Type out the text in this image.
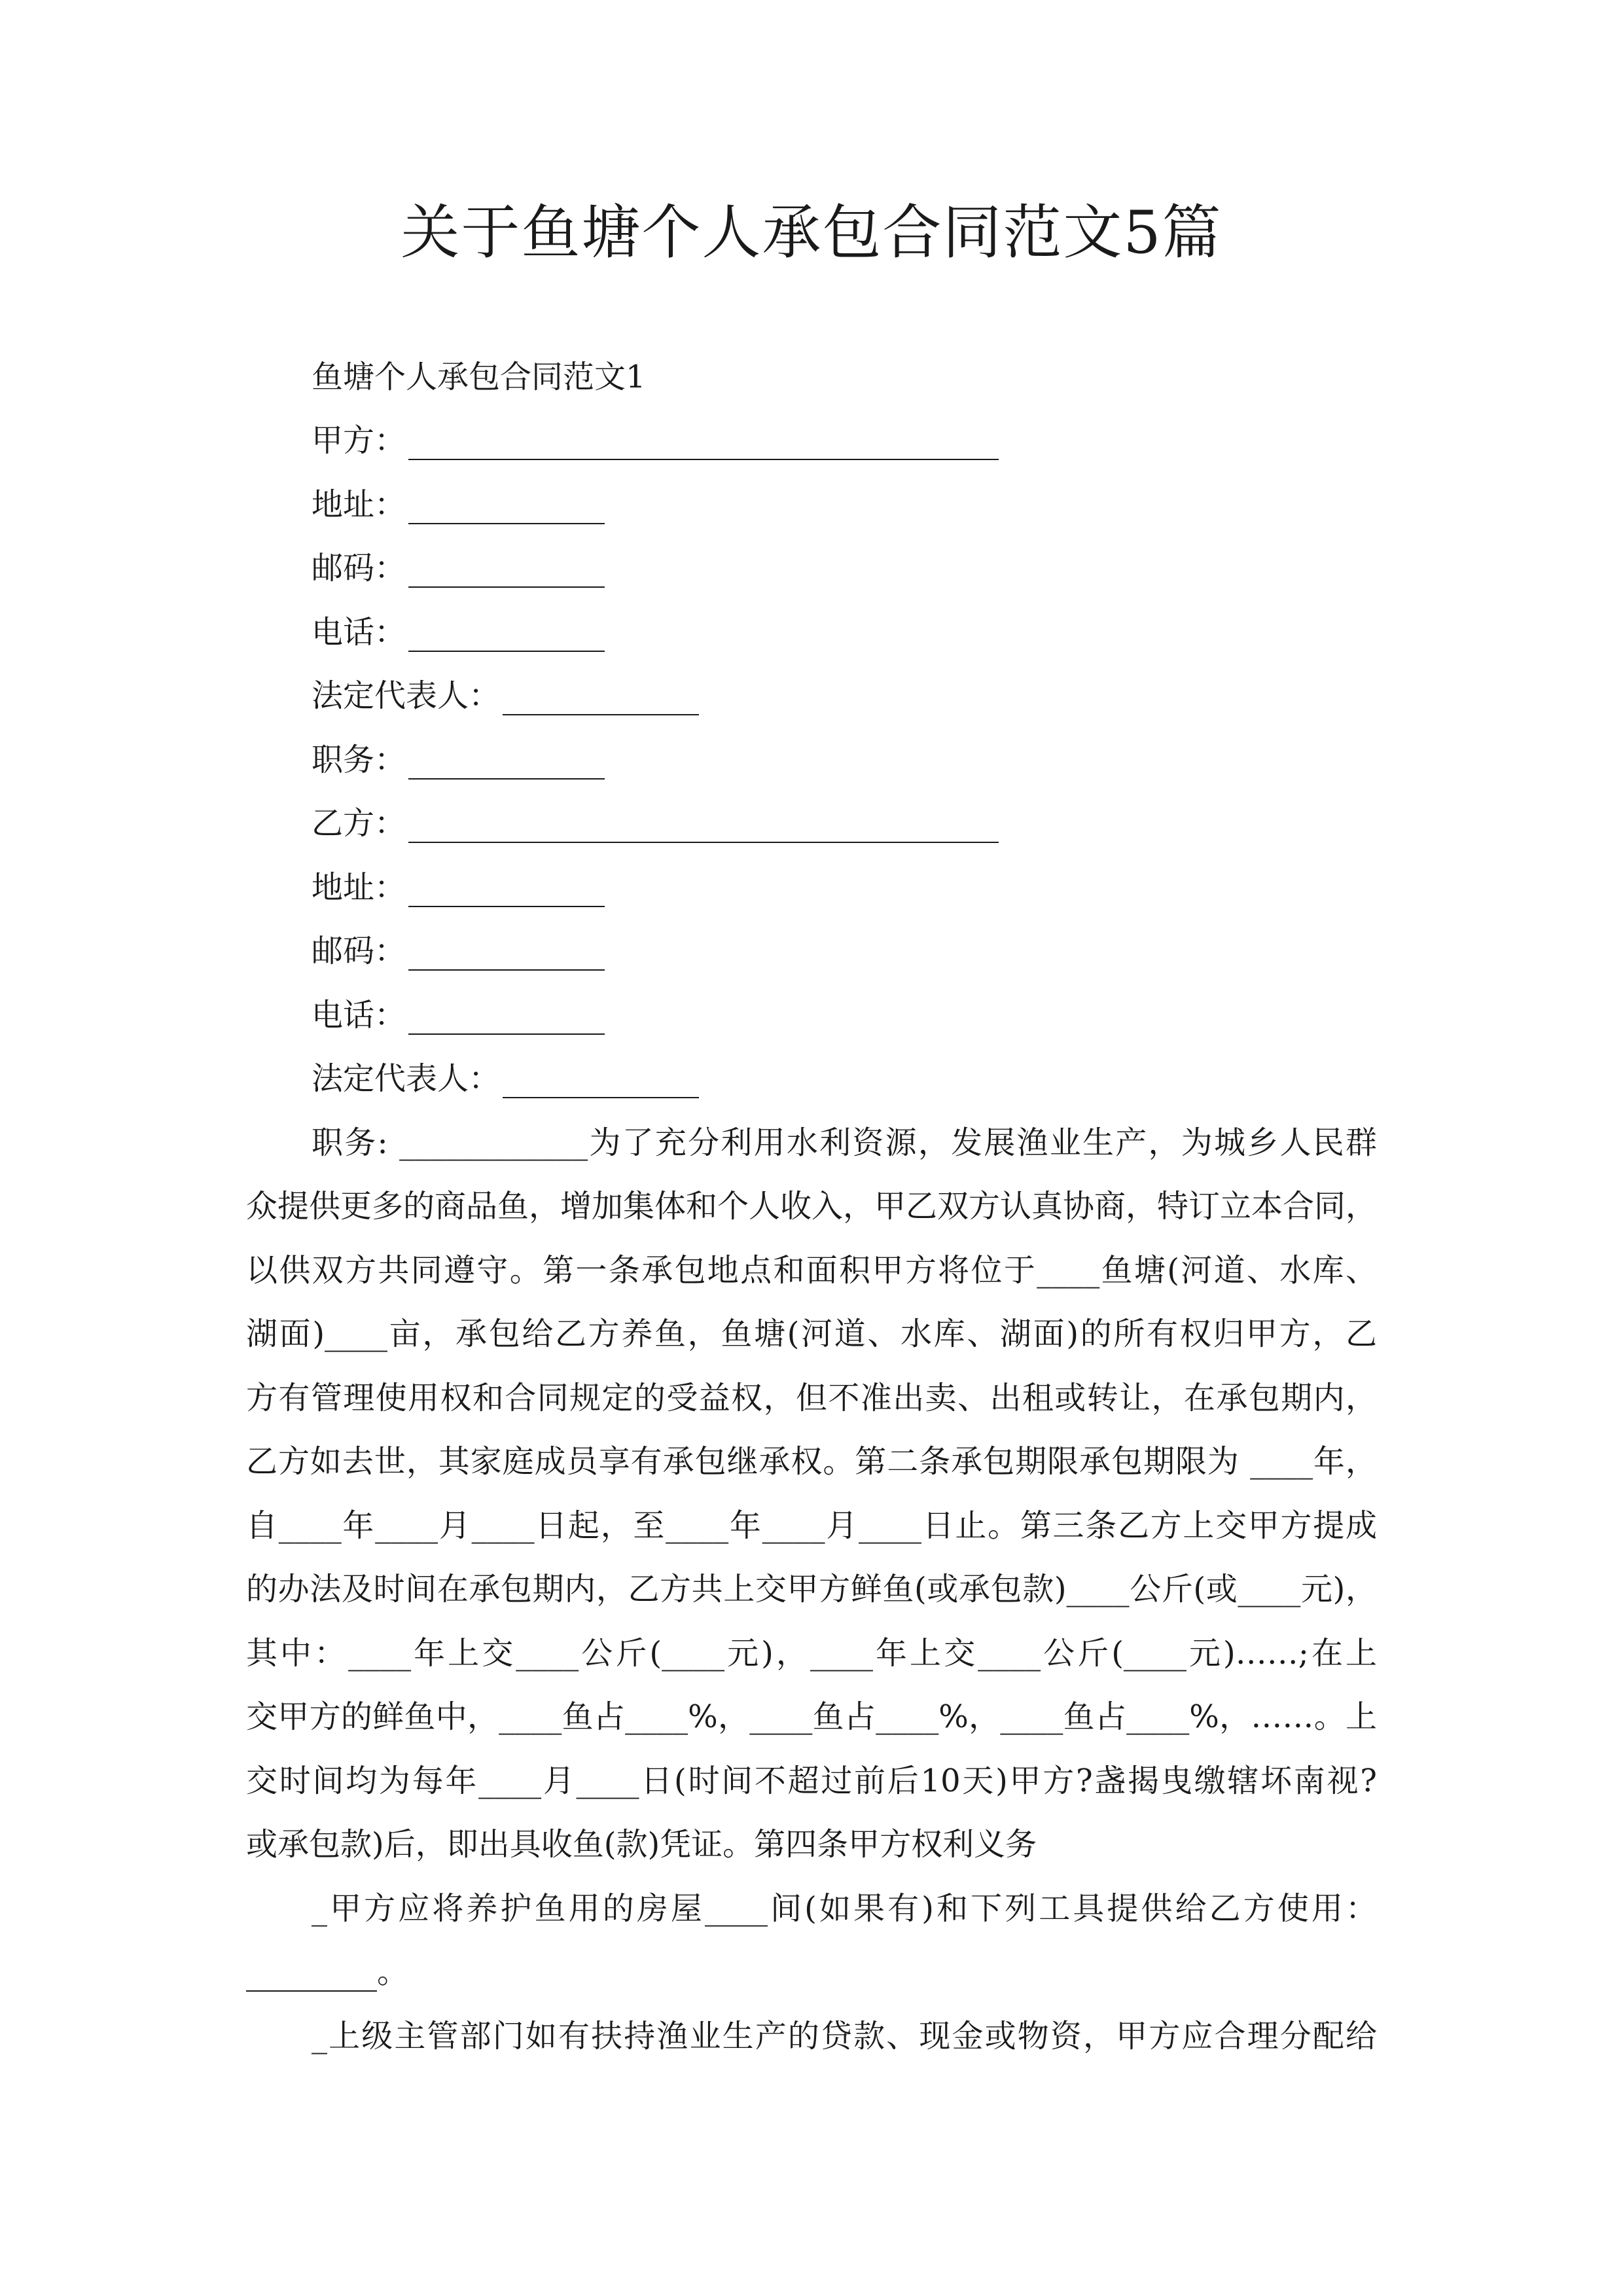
关于鱼塘个人承包合同范文5篇
鱼塘个人承包合同范文1
甲方：
地址：
邮码：
电话：
法定代表人：
职务：
乙方：
地址：
邮码：
电话：
法定代表人：
职务: ____________为了充分利用水利资源，发展渔业生产，为城乡人民群
众提供更多的商品鱼，增加集体和个人收入，甲乙双方认真协商，特订立本合同，
以供双方共同遵守。第一条承包地点和面积甲方将位于____鱼塘(河道、水库、
湖面)____亩，承包给乙方养鱼，鱼塘(河道、水库、湖面)的所有权归甲方，乙
方有管理使用权和合同规定的受益权，但不准出卖、出租或转让，在承包期内，
乙方如去世，其家庭成员享有承包继承权。第二条承包期限承包期限为 ____年，
自____年____月____日起，至____年____月____日止。第三条乙方上交甲方提成
的办法及时间在承包期内，乙方共上交甲方鲜鱼(或承包款)____公斤(或____元)，
其中：____年上交____公斤(____元)，____年上交____公斤(____元)……;在上
交甲方的鲜鱼中，____鱼占____%，____鱼占____%，____鱼占____%，……。上
交时间均为每年____月____日(时间不超过前后10天)甲方?盏揭曳缴辖坏南视?
或承包款)后，即出具收鱼(款)凭证。第四条甲方权利义务
_甲方应将养护鱼用的房屋____间(如果有)和下列工具提供给乙方使用：
。
_上级主管部门如有扶持渔业生产的贷款、现金或物资，甲方应合理分配给
